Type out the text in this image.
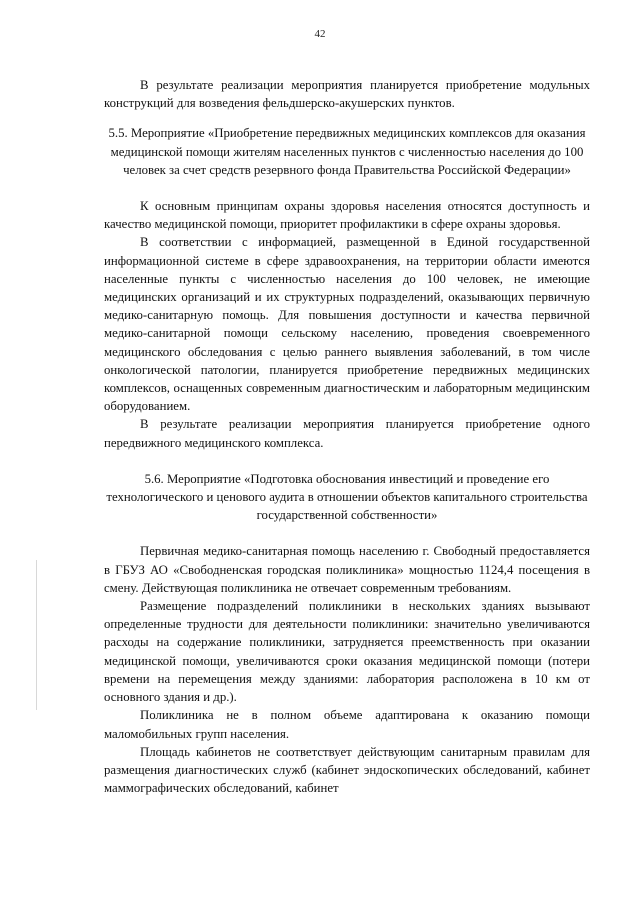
42

В результате реализации мероприятия планируется приобретение модульных конструкций для возведения фельдшерско-акушерских пунктов.

5.5. Мероприятие «Приобретение передвижных медицинских комплексов для оказания медицинской помощи жителям населенных пунктов с численностью населения до 100 человек за счет средств резервного фонда Правительства Российской Федерации»

К основным принципам охраны здоровья населения относятся доступность и качество медицинской помощи, приоритет профилактики в сфере охраны здоровья.

В соответствии с информацией, размещенной в Единой государственной информационной системе в сфере здравоохранения, на территории области имеются населенные пункты с численностью населения до 100 человек, не имеющие медицинских организаций и их структурных подразделений, оказывающих первичную медико-санитарную помощь. Для повышения доступности и качества первичной медико-санитарной помощи сельскому населению, проведения своевременного медицинского обследования с целью раннего выявления заболеваний, в том числе онкологической патологии, планируется приобретение передвижных медицинских комплексов, оснащенных современным диагностическим и лабораторным медицинским оборудованием.

В результате реализации мероприятия планируется приобретение одного передвижного медицинского комплекса.

5.6. Мероприятие «Подготовка обоснования инвестиций и проведение его технологического и ценового аудита в отношении объектов капитального строительства государственной собственности»

Первичная медико-санитарная помощь населению г. Свободный предоставляется в ГБУЗ АО «Свободненская городская поликлиника» мощностью 1124,4 посещения в смену. Действующая поликлиника не отвечает современным требованиям.

Размещение подразделений поликлиники в нескольких зданиях вызывают определенные трудности для деятельности поликлиники: значительно увеличиваются расходы на содержание поликлиники, затрудняется преемственность при оказании медицинской помощи, увеличиваются сроки оказания медицинской помощи (потери времени на перемещения между зданиями: лаборатория расположена в 10 км от основного здания и др.).

Поликлиника не в полном объеме адаптирована к оказанию помощи маломобильных групп населения.

Площадь кабинетов не соответствует действующим санитарным правилам для размещения диагностических служб (кабинет эндоскопических обследований, кабинет маммографических обследований, кабинет
